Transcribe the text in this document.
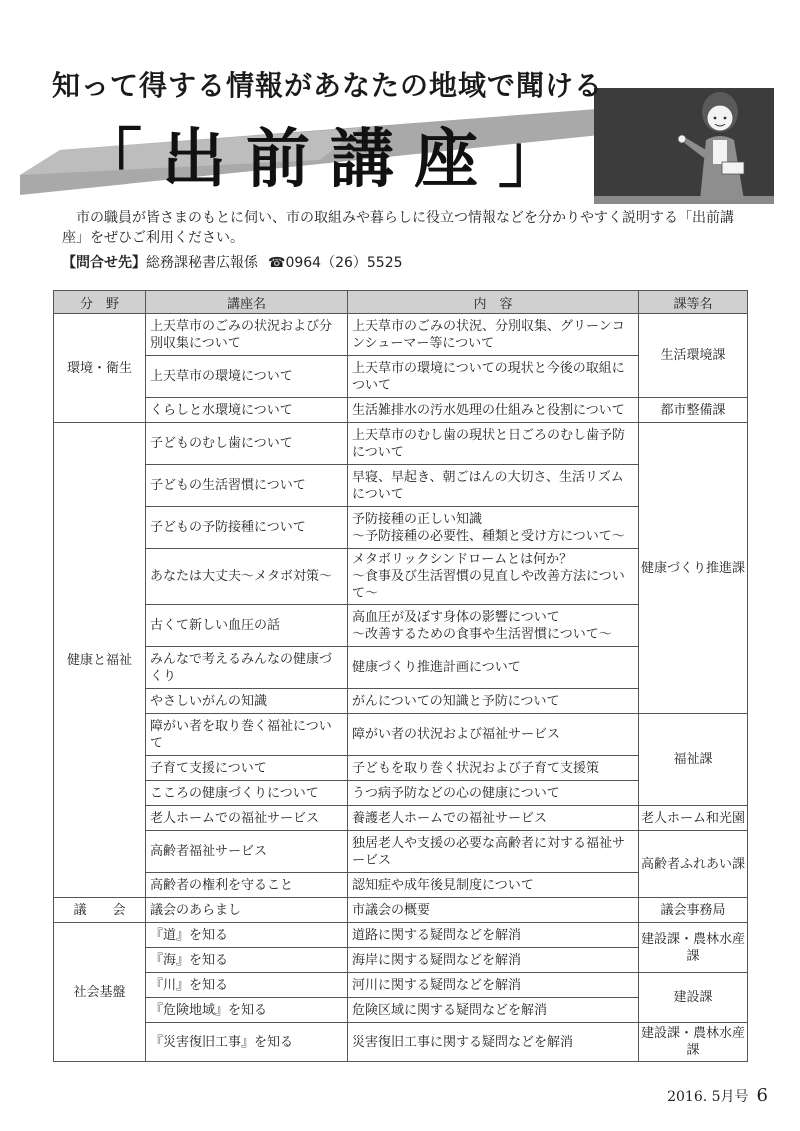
知って得する情報があなたの地域で聞ける
「出前講座」

市の職員が皆さまのもとに伺い、市の取組みや暮らしに役立つ情報などを分かりやすく説明する「出前講座」をぜひご利用ください。

【問合せ先】総務課秘書広報係 ☎0964（26）5525
分　野	講座名	内　容	課等名
環境・衛生	上天草市のごみの状況および分別収集について	上天草市のごみの状況、分別収集、グリーンコンシューマー等について	生活環境課
	上天草市の環境について	上天草市の環境についての現状と今後の取組について	
	くらしと水環境について	生活雑排水の汚水処理の仕組みと役割について	都市整備課
健康と福祉	子どものむし歯について	上天草市のむし歯の現状と日ごろのむし歯予防について	健康づくり推進課
	子どもの生活習慣について	早寝、早起き、朝ごはんの大切さ、生活リズムについて	
	子どもの予防接種について	予防接種の正しい知識
～予防接種の必要性、種類と受け方について～	
	あなたは大丈夫～メタボ対策～	メタボリックシンドロームとは何か？
～食事及び生活習慣の見直しや改善方法について～	
	古くて新しい血圧の話	高血圧が及ぼす身体の影響について
～改善するための食事や生活習慣について～	
	みんなで考えるみんなの健康づくり	健康づくり推進計画について	
	やさしいがんの知識	がんについての知識と予防について	
	障がい者を取り巻く福祉について	障がい者の状況および福祉サービス	福祉課
	子育て支援について	子どもを取り巻く状況および子育て支援策	
	こころの健康づくりについて	うつ病予防などの心の健康について	
	老人ホームでの福祉サービス	養護老人ホームでの福祉サービス	老人ホーム和光園
	高齢者福祉サービス	独居老人や支援の必要な高齢者に対する福祉サービス	高齢者ふれあい課
	高齢者の権利を守ること	認知症や成年後見制度について	
議　　会	議会のあらまし	市議会の概要	議会事務局
社会基盤	『道』を知る	道路に関する疑問などを解消	建設課・農林水産課
	『海』を知る	海岸に関する疑問などを解消	
	『川』を知る	河川に関する疑問などを解消	建設課
	『危険地域』を知る	危険区域に関する疑問などを解消	
	『災害復旧工事』を知る	災害復旧工事に関する疑問などを解消	建設課・農林水産課
2016. 5月号 6
